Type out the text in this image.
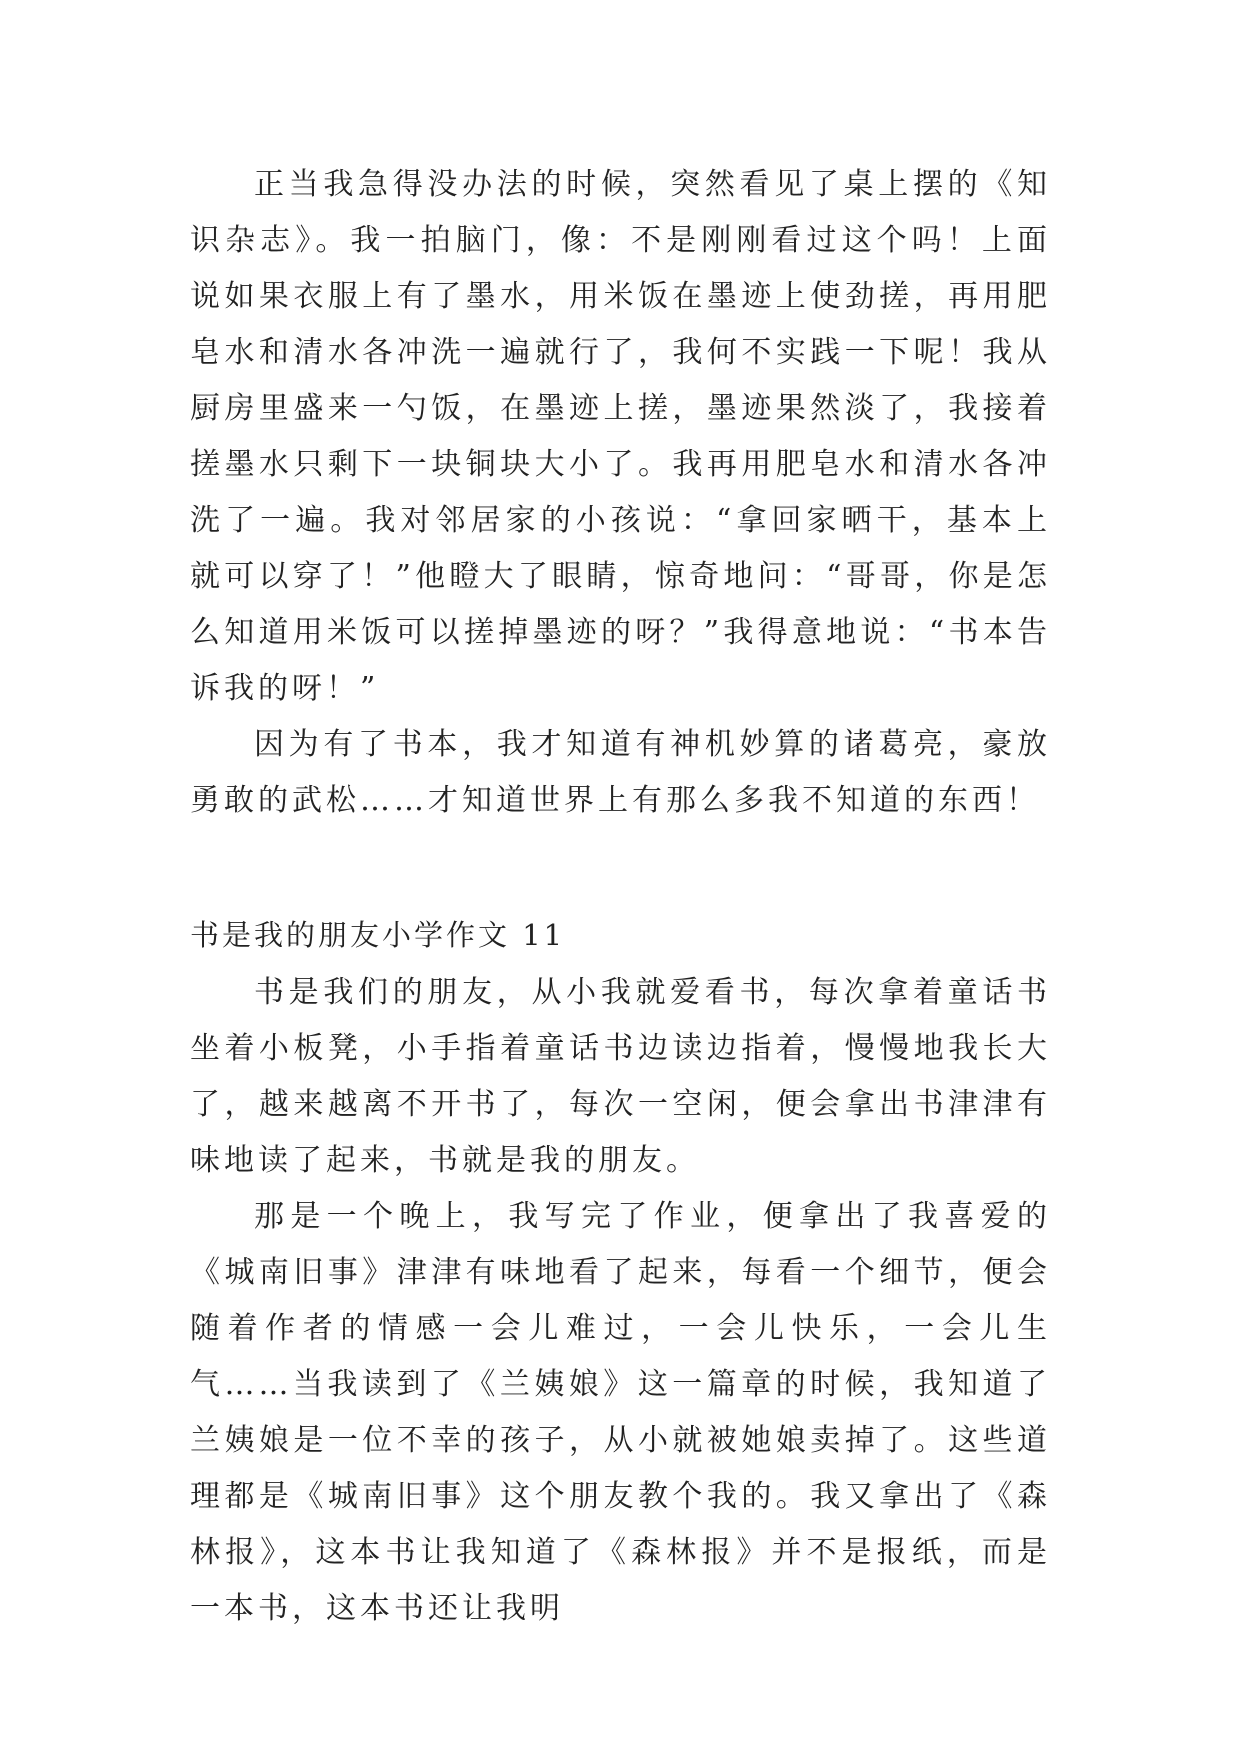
正当我急得没办法的时候，突然看见了桌上摆的《知识杂志》。我一拍脑门，像：不是刚刚看过这个吗！上面说如果衣服上有了墨水，用米饭在墨迹上使劲搓，再用肥皂水和清水各冲洗一遍就行了，我何不实践一下呢！我从厨房里盛来一勺饭，在墨迹上搓，墨迹果然淡了，我接着搓墨水只剩下一块铜块大小了。我再用肥皂水和清水各冲洗了一遍。我对邻居家的小孩说：“拿回家晒干，基本上就可以穿了！”他瞪大了眼睛，惊奇地问：“哥哥，你是怎么知道用米饭可以搓掉墨迹的呀？”我得意地说：“书本告诉我的呀！”

因为有了书本，我才知道有神机妙算的诸葛亮，豪放勇敢的武松……才知道世界上有那么多我不知道的东西！

书是我的朋友小学作文 11

书是我们的朋友，从小我就爱看书，每次拿着童话书坐着小板凳，小手指着童话书边读边指着，慢慢地我长大了，越来越离不开书了，每次一空闲，便会拿出书津津有味地读了起来，书就是我的朋友。

那是一个晚上，我写完了作业，便拿出了我喜爱的《城南旧事》津津有味地看了起来，每看一个细节，便会随着作者的情感一会儿难过，一会儿快乐，一会儿生气……当我读到了《兰姨娘》这一篇章的时候，我知道了兰姨娘是一位不幸的孩子，从小就被她娘卖掉了。这些道理都是《城南旧事》这个朋友教个我的。我又拿出了《森林报》，这本书让我知道了《森林报》并不是报纸，而是一本书，这本书还让我明
